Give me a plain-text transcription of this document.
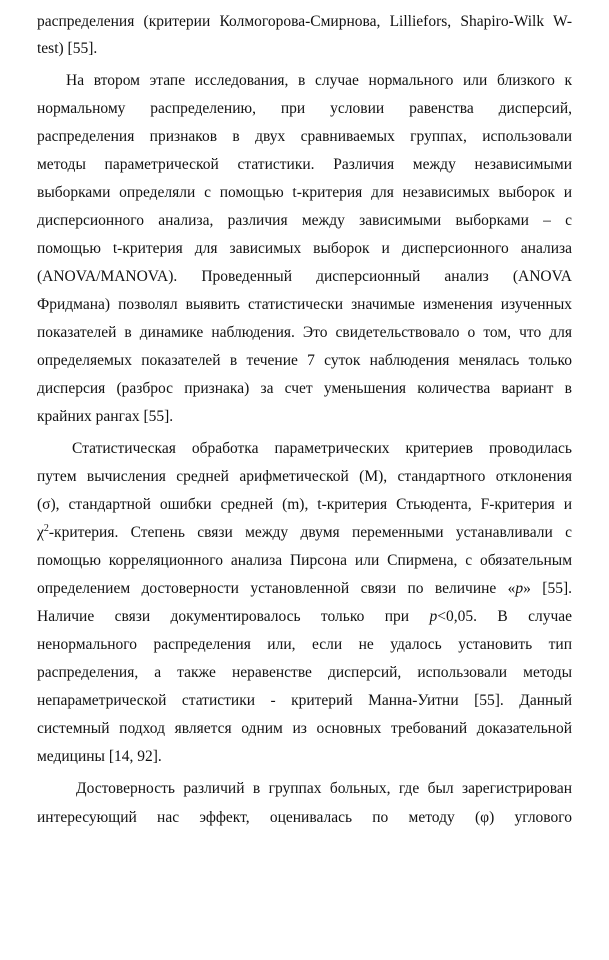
распределения (критерии Колмогорова-Смирнова, Lilliefors, Shapiro-Wilk W-
test) [55].
На втором этапе исследования, в случае нормального или близкого к
нормальному распределению, при условии равенства дисперсий,
распределения признаков в двух сравниваемых группах, использовали
методы параметрической статистики. Различия между независимыми
выборками определяли с помощью t-критерия для независимых выборок и
дисперсионного анализа, различия между зависимыми выборками – с
помощью t-критерия для зависимых выборок и дисперсионного анализа
(ANOVA/MANOVA). Проведенный дисперсионный анализ (ANOVA
Фридмана) позволял выявить статистически значимые изменения изученных
показателей в динамике наблюдения. Это свидетельствовало о том, что для
определяемых показателей в течение 7 суток наблюдения менялась только
дисперсия (разброс признака) за счет уменьшения количества вариант в
крайних рангах [55].
Статистическая обработка параметрических критериев проводилась
путем вычисления средней арифметической (M), стандартного отклонения
(σ), стандартной ошибки средней (m), t-критерия Стьюдента, F-критерия и
$\chi^2$-критерия. Степень связи между двумя переменными устанавливали с
помощью корреляционного анализа Пирсона или Спирмена, с обязательным
определением достоверности установленной связи по величине «p» [55].
Наличие связи документировалось только при p<0,05. В случае
ненормального распределения или, если не удалось установить тип
распределения, а также неравенстве дисперсий, использовали методы
непараметрической статистики - критерий Манна-Уитни [55]. Данный
системный подход является одним из основных требований доказательной
медицины [14, 92].
Достоверность различий в группах больных, где был зарегистрирован
интересующий нас эффект, оценивалась по методу (φ) углового
